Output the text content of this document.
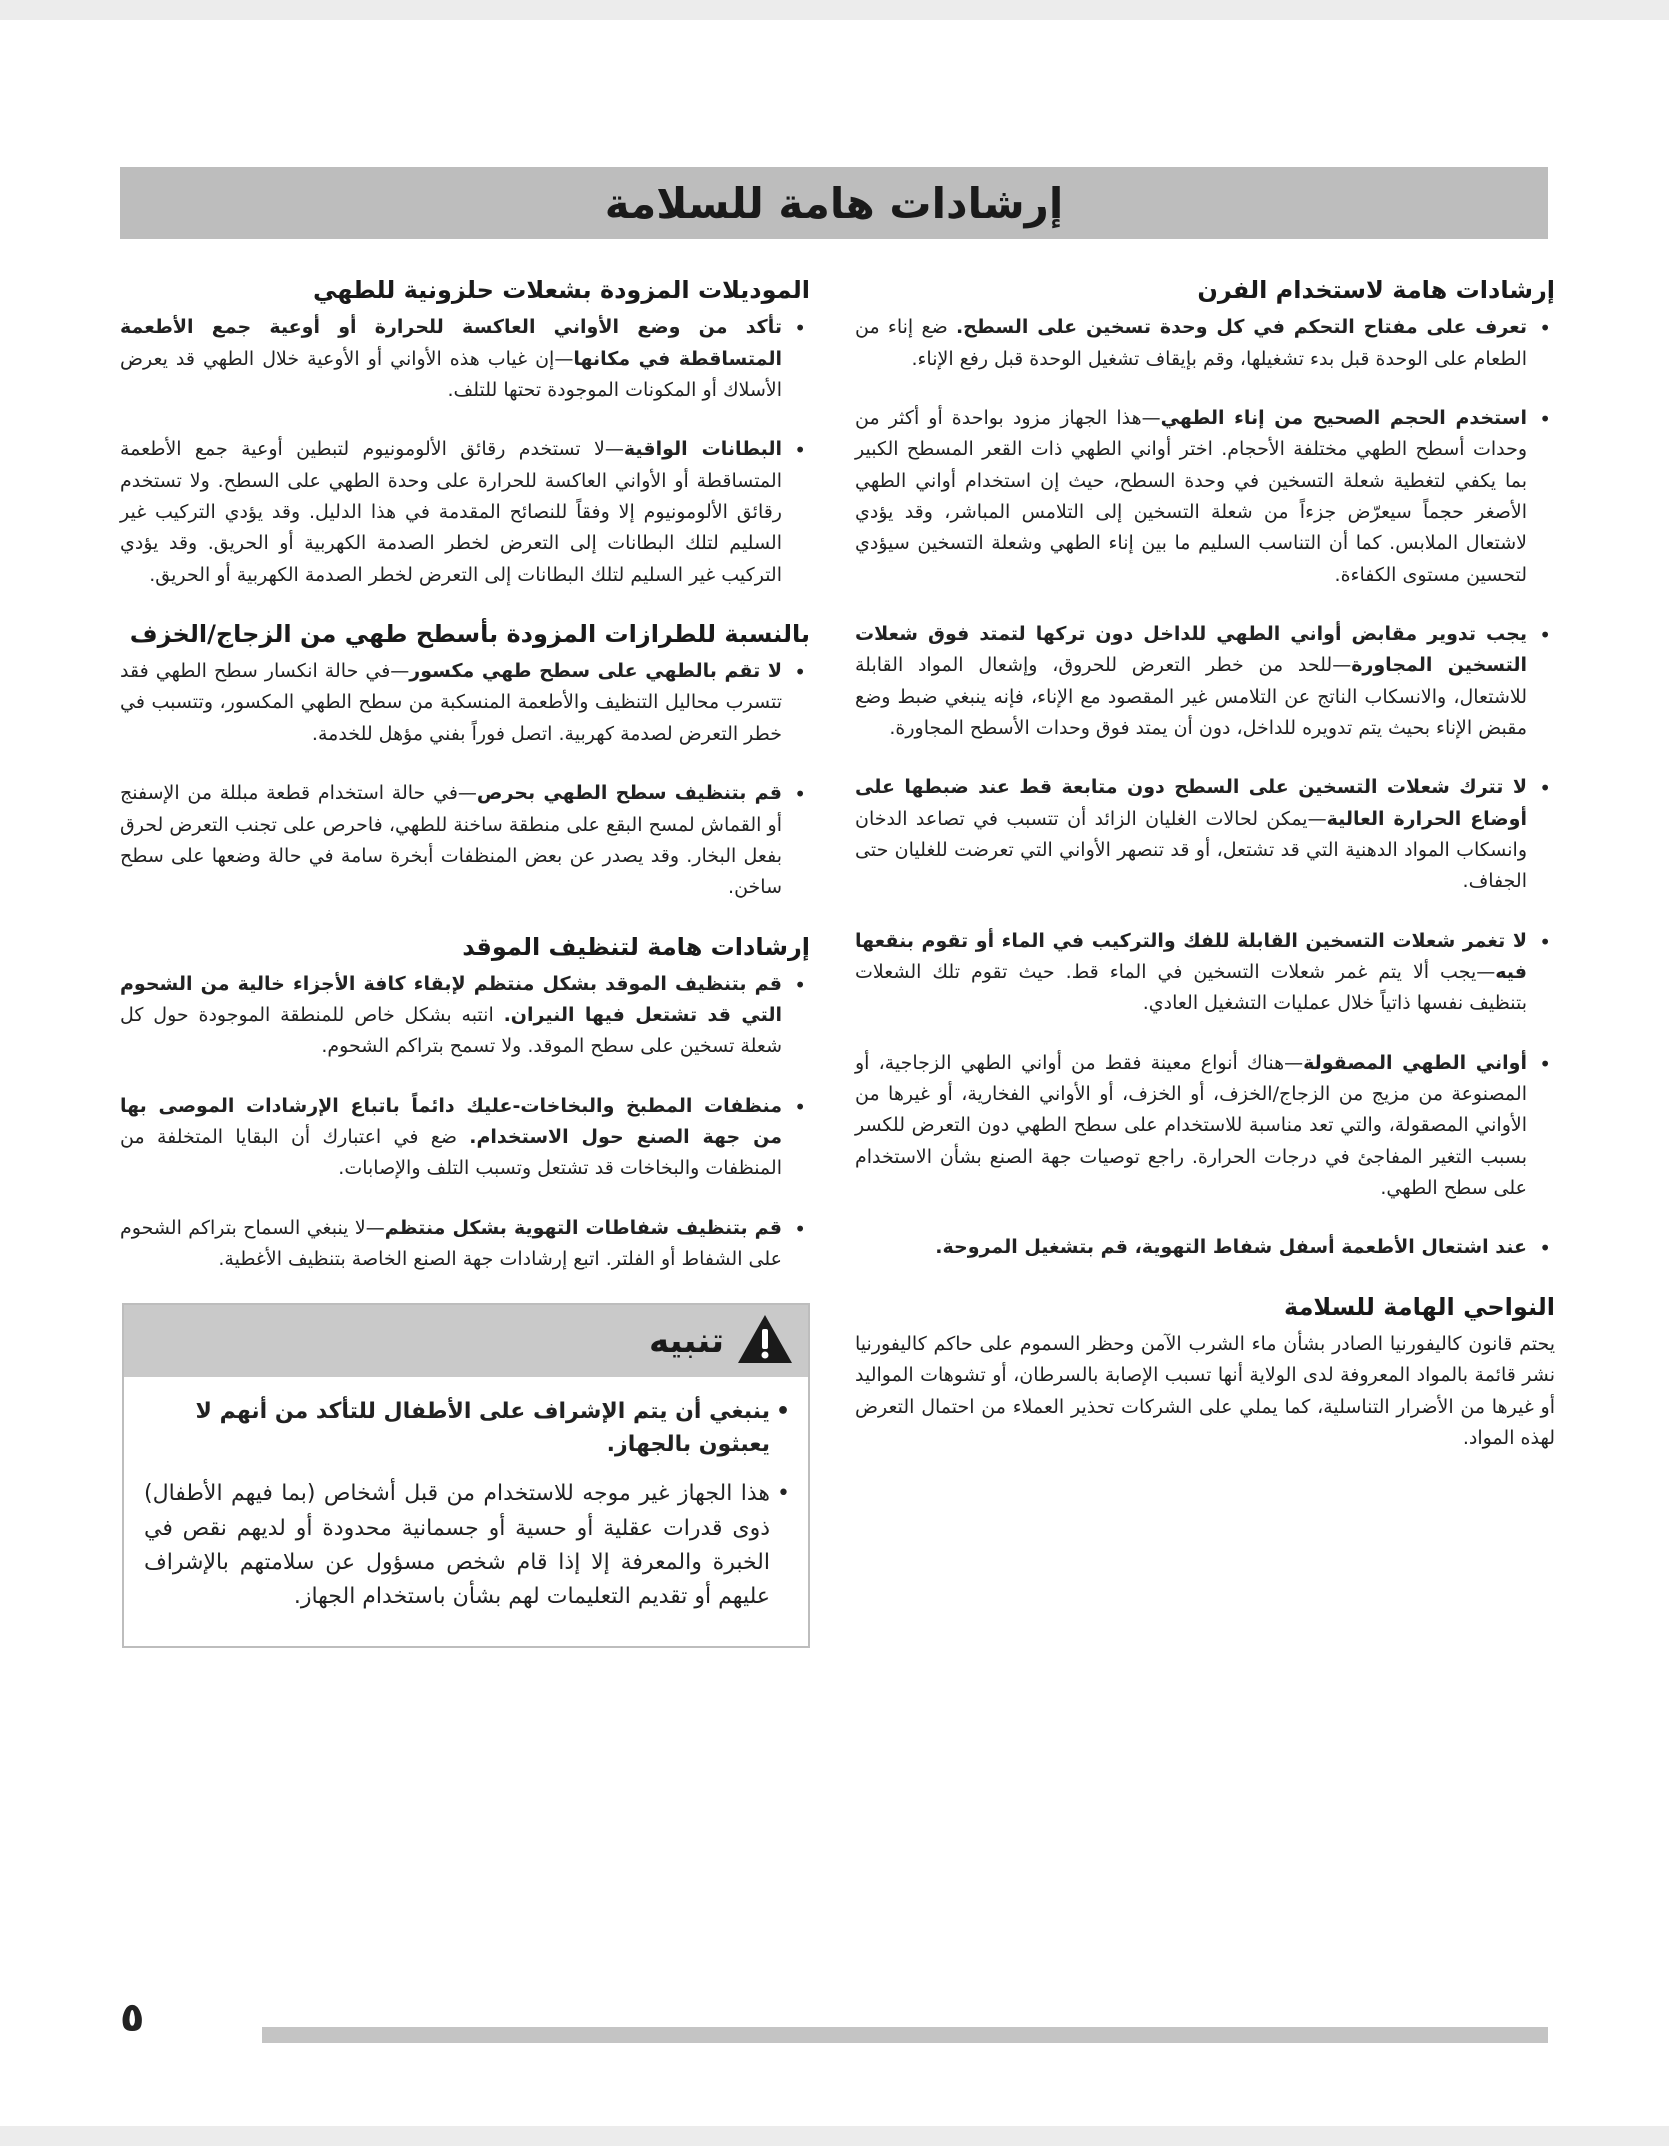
إرشادات هامة للسلامة
إرشادات هامة لاستخدام الفرن
• تعرف على مفتاح التحكم في كل وحدة تسخين على السطح. ضع إناء من الطعام على الوحدة قبل بدء تشغيلها، وقم بإيقاف تشغيل الوحدة قبل رفع الإناء.
• استخدم الحجم الصحيح من إناء الطهي—هذا الجهاز مزود بواحدة أو أكثر من وحدات أسطح الطهي مختلفة الأحجام. اختر أواني الطهي ذات القعر المسطح الكبير بما يكفي لتغطية شعلة التسخين في وحدة السطح، حيث إن استخدام أواني الطهي الأصغر حجماً سيعرّض جزءاً من شعلة التسخين إلى التلامس المباشر، وقد يؤدي لاشتعال الملابس. كما أن التناسب السليم ما بين إناء الطهي وشعلة التسخين سيؤدي لتحسين مستوى الكفاءة.
• يجب تدوير مقابض أواني الطهي للداخل دون تركها لتمتد فوق شعلات التسخين المجاورة—للحد من خطر التعرض للحروق، وإشعال المواد القابلة للاشتعال، والانسكاب الناتج عن التلامس غير المقصود مع الإناء، فإنه ينبغي ضبط وضع مقبض الإناء بحيث يتم تدويره للداخل، دون أن يمتد فوق وحدات الأسطح المجاورة.
• لا تترك شعلات التسخين على السطح دون متابعة قط عند ضبطها على أوضاع الحرارة العالية—يمكن لحالات الغليان الزائد أن تتسبب في تصاعد الدخان وانسكاب المواد الدهنية التي قد تشتعل، أو قد تنصهر الأواني التي تعرضت للغليان حتى الجفاف.
• لا تغمر شعلات التسخين القابلة للفك والتركيب في الماء أو تقوم بنقعها فيه—يجب ألا يتم غمر شعلات التسخين في الماء قط. حيث تقوم تلك الشعلات بتنظيف نفسها ذاتياً خلال عمليات التشغيل العادي.
• أواني الطهي المصقولة—هناك أنواع معينة فقط من أواني الطهي الزجاجية، أو المصنوعة من مزيج من الزجاج/الخزف، أو الخزف، أو الأواني الفخارية، أو غيرها من الأواني المصقولة، والتي تعد مناسبة للاستخدام على سطح الطهي دون التعرض للكسر بسبب التغير المفاجئ في درجات الحرارة. راجع توصيات جهة الصنع بشأن الاستخدام على سطح الطهي.
• عند اشتعال الأطعمة أسفل شفاط التهوية، قم بتشغيل المروحة.
النواحي الهامة للسلامة

يحتم قانون كاليفورنيا الصادر بشأن ماء الشرب الآمن وحظر السموم على حاكم كاليفورنيا نشر قائمة بالمواد المعروفة لدى الولاية أنها تسبب الإصابة بالسرطان، أو تشوهات المواليد أو غيرها من الأضرار التناسلية، كما يملي على الشركات تحذير العملاء من احتمال التعرض لهذه المواد.

الموديلات المزودة بشعلات حلزونية للطهي
• تأكد من وضع الأواني العاكسة للحرارة أو أوعية جمع الأطعمة المتساقطة في مكانها—إن غياب هذه الأواني أو الأوعية خلال الطهي قد يعرض الأسلاك أو المكونات الموجودة تحتها للتلف.
• البطانات الواقية—لا تستخدم رقائق الألومونيوم لتبطين أوعية جمع الأطعمة المتساقطة أو الأواني العاكسة للحرارة على وحدة الطهي على السطح. ولا تستخدم رقائق الألومونيوم إلا وفقاً للنصائح المقدمة في هذا الدليل. وقد يؤدي التركيب غير السليم لتلك البطانات إلى التعرض لخطر الصدمة الكهربية أو الحريق. وقد يؤدي التركيب غير السليم لتلك البطانات إلى التعرض لخطر الصدمة الكهربية أو الحريق.
بالنسبة للطرازات المزودة بأسطح طهي من الزجاج/الخزف
• لا تقم بالطهي على سطح طهي مكسور—في حالة انكسار سطح الطهي فقد تتسرب محاليل التنظيف والأطعمة المنسكبة من سطح الطهي المكسور، وتتسبب في خطر التعرض لصدمة كهربية. اتصل فوراً بفني مؤهل للخدمة.
• قم بتنظيف سطح الطهي بحرص—في حالة استخدام قطعة مبللة من الإسفنج أو القماش لمسح البقع على منطقة ساخنة للطهي، فاحرص على تجنب التعرض لحرق بفعل البخار. وقد يصدر عن بعض المنظفات أبخرة سامة في حالة وضعها على سطح ساخن.
إرشادات هامة لتنظيف الموقد
• قم بتنظيف الموقد بشكل منتظم لإبقاء كافة الأجزاء خالية من الشحوم التي قد تشتعل فيها النيران. انتبه بشكل خاص للمنطقة الموجودة حول كل شعلة تسخين على سطح الموقد. ولا تسمح بتراكم الشحوم.
• منظفات المطبخ والبخاخات-عليك دائماً باتباع الإرشادات الموصى بها من جهة الصنع حول الاستخدام. ضع في اعتبارك أن البقايا المتخلفة من المنظفات والبخاخات قد تشتعل وتسبب التلف والإصابات.
• قم بتنظيف شفاطات التهوية بشكل منتظم—لا ينبغي السماح بتراكم الشحوم على الشفاط أو الفلتر. اتبع إرشادات جهة الصنع الخاصة بتنظيف الأغطية.
تنبيه
• ينبغي أن يتم الإشراف على الأطفال للتأكد من أنهم لا يعبثون بالجهاز.
• هذا الجهاز غير موجه للاستخدام من قبل أشخاص (بما فيهم الأطفال) ذوى قدرات عقلية أو حسية أو جسمانية محدودة أو لديهم نقص في الخبرة والمعرفة إلا إذا قام شخص مسؤول عن سلامتهم بالإشراف عليهم أو تقديم التعليمات لهم بشأن باستخدام الجهاز.
٥
